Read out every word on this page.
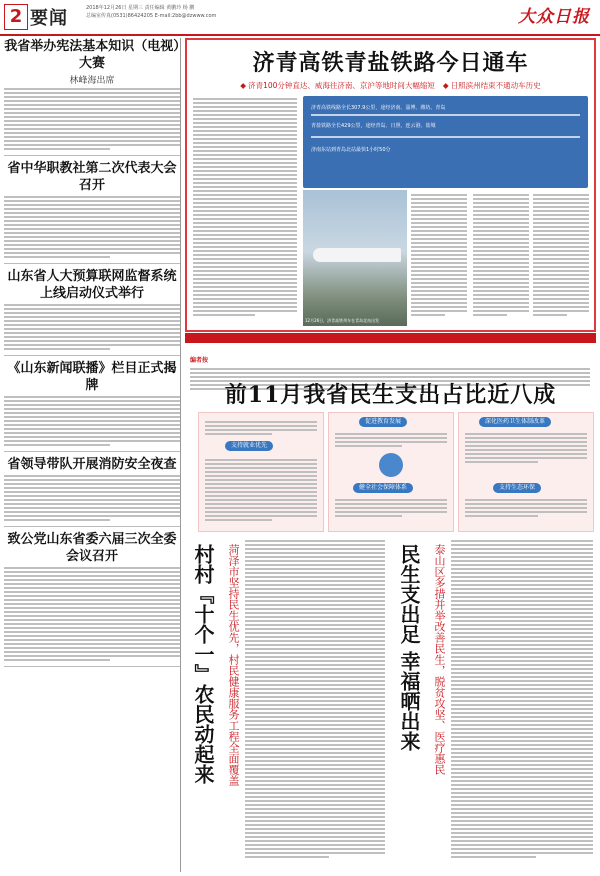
2 要闻	2018年12月26日 星期三 责任编辑 黄鹏玲 杨 鹏
总编室传真(0531)86424205 E-mail:2bb@dzwww.com	大众日报
我省举办宪法基本知识（电视）大赛
林峰海出席
省中华职教社第二次代表大会召开
山东省人大预算联网监督系统上线启动仪式举行
《山东新闻联播》栏目正式揭牌
省领导带队开展消防安全夜查
致公党山东省委六届三次全委会议召开
济青高铁青盐铁路今日通车
◆ 济青100分钟直达、威海往济南、京沪等地时间大幅缩短
◆	日照滨州结束不通动车历史
济青高铁线路全长307.9公里，途经济南、淄博、潍坊、青岛
青盐铁路全长429公里，途经青岛、日照、连云港、盐城
济南东站到青岛北站最快1小时50分
12月26日，济青高铁列车在青岛北站出发
编者按
前11月我省民生支出占比近八成
支持就业优先
促进教育发展
健全社会保障体系
深化医药卫生体制改革
支持生态环保
村村『十个一』农民动起来 菏泽市坚持民生优先，村民健康服务工程全面覆盖	民生支出足 幸福晒出来 泰山区多措并举改善民生，脱贫攻坚、医疗惠民
